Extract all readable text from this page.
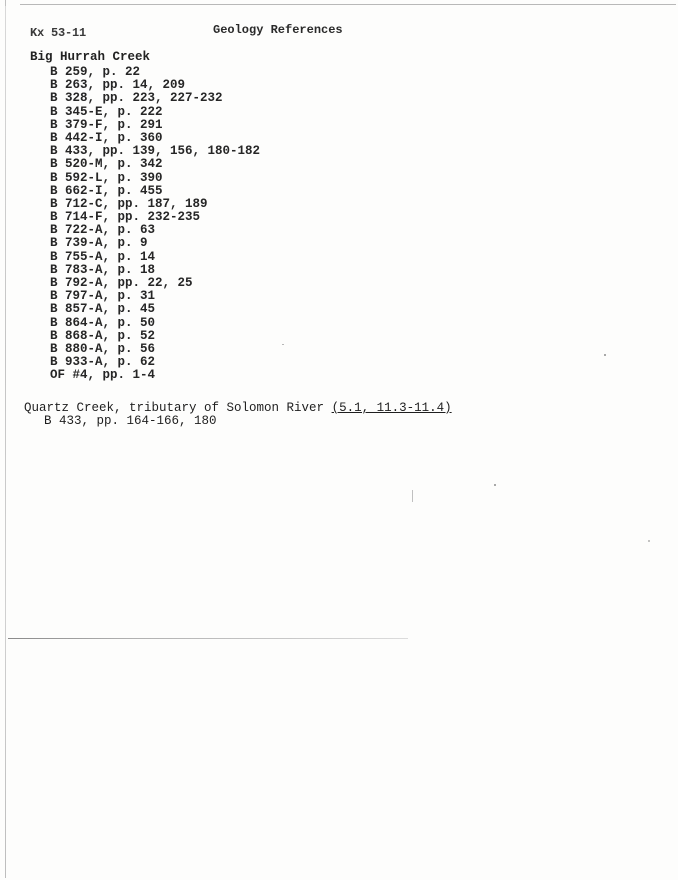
Kx 53-11	Geology References
Big Hurrah Creek
B 259, p. 22
B 263, pp. 14, 209
B 328, pp. 223, 227-232
B 345-E, p. 222
B 379-F, p. 291
B 442-I, p. 360
B 433, pp. 139, 156, 180-182
B 520-M, p. 342
B 592-L, p. 390
B 662-I, p. 455
B 712-C, pp. 187, 189
B 714-F, pp. 232-235
B 722-A, p. 63
B 739-A, p. 9
B 755-A, p. 14
B 783-A, p. 18
B 792-A, pp. 22, 25
B 797-A, p. 31
B 857-A, p. 45
B 864-A, p. 50
B 868-A, p. 52
B 880-A, p. 56
B 933-A, p. 62
OF #4, pp. 1-4
Quartz Creek, tributary of Solomon River (5.1, 11.3-11.4)
B 433, pp. 164-166, 180
